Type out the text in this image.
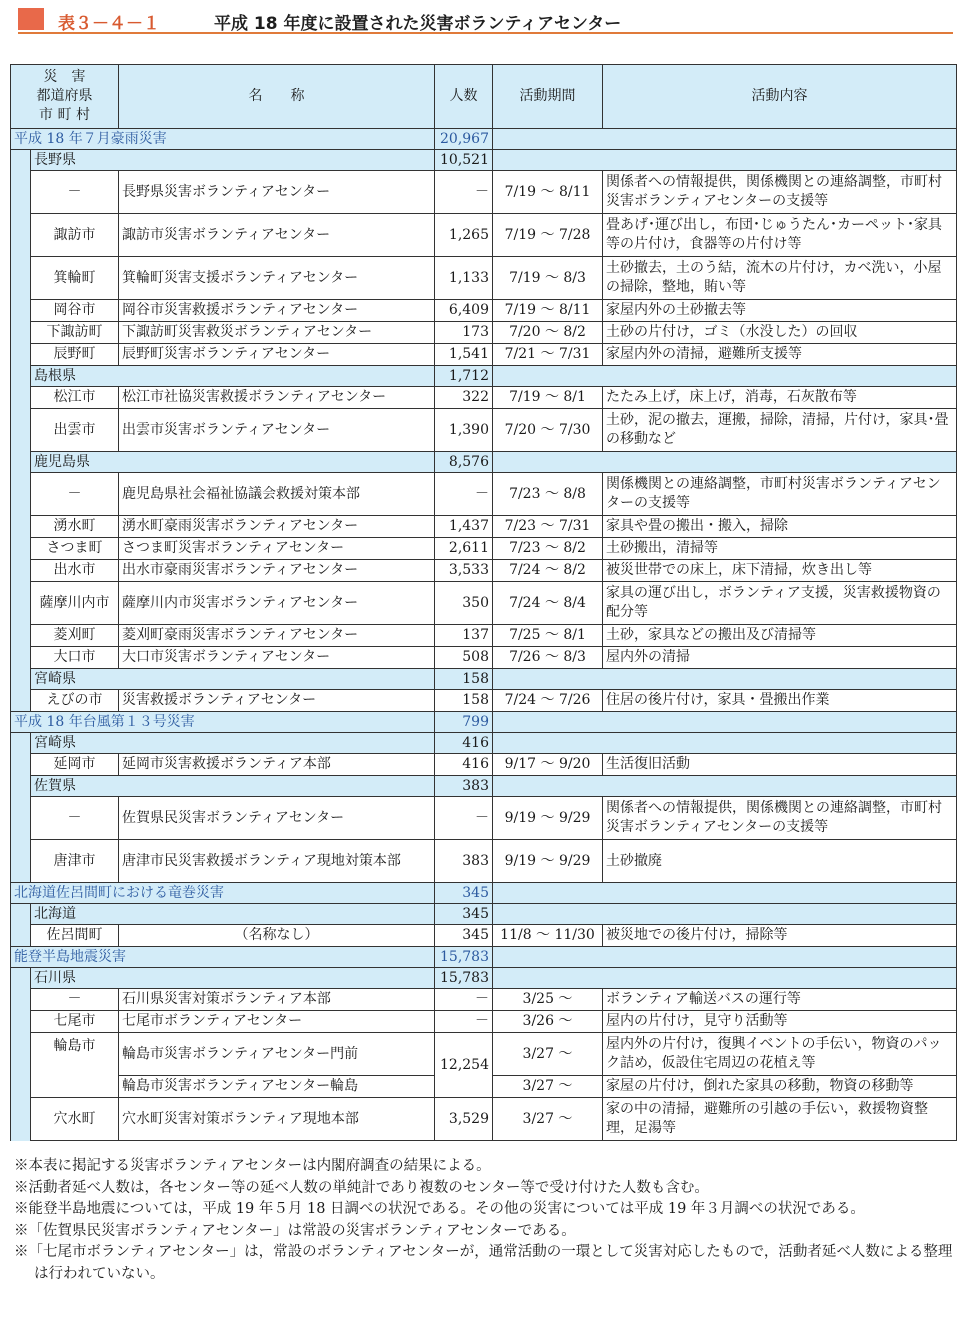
表３－４－１	平成 18 年度に設置された災害ボランティアセンター
災　害
都道府県
市 町 村		名　　称	人数	活動期間	活動内容
平成 18 年７月豪雨災害			20,967		
	長野県		10,521		
	－	長野県災害ボランティアセンター	－	7/19 ～ 8/11	関係者への情報提供，関係機関との連絡調整，市町村災害ボランティアセンターの支援等
	諏訪市	諏訪市災害ボランティアセンター	1,265	7/19 ～ 7/28	畳あげ･運び出し，布団･じゅうたん･カーペット･家具等の片付け，食器等の片付け等
	箕輪町	箕輪町災害支援ボランティアセンター	1,133	7/19 ～ 8/3	土砂撤去，土のう結，流木の片付け，カベ洗い，小屋の掃除，整地，賄い等
	岡谷市	岡谷市災害救援ボランティアセンター	6,409	7/19 ～ 8/11	家屋内外の土砂撤去等
	下諏訪町	下諏訪町災害救災ボランティアセンター	173	7/20 ～ 8/2	土砂の片付け，ゴミ（水没した）の回収
	辰野町	辰野町災害ボランティアセンター	1,541	7/21 ～ 7/31	家屋内外の清掃，避難所支援等
	島根県		1,712		
	松江市	松江市社協災害救援ボランティアセンター	322	7/19 ～ 8/1	たたみ上げ，床上げ，消毒，石灰散布等
	出雲市	出雲市災害ボランティアセンター	1,390	7/20 ～ 7/30	土砂，泥の撤去，運搬，掃除，清掃，片付け，家具･畳の移動など
	鹿児島県		8,576		
	－	鹿児島県社会福祉協議会救援対策本部	－	7/23 ～ 8/8	関係機関との連絡調整，市町村災害ボランティアセンターの支援等
	湧水町	湧水町豪雨災害ボランティアセンター	1,437	7/23 ～ 7/31	家具や畳の搬出・搬入，掃除
	さつま町	さつま町災害ボランティアセンター	2,611	7/23 ～ 8/2	土砂搬出，清掃等
	出水市	出水市豪雨災害ボランティアセンター	3,533	7/24 ～ 8/2	被災世帯での床上，床下清掃，炊き出し等
	薩摩川内市	薩摩川内市災害ボランティアセンター	350	7/24 ～ 8/4	家具の運び出し，ボランティア支援，災害救援物資の配分等
	菱刈町	菱刈町豪雨災害ボランティアセンター	137	7/25 ～ 8/1	土砂，家具などの搬出及び清掃等
	大口市	大口市災害ボランティアセンター	508	7/26 ～ 8/3	屋内外の清掃
	宮崎県		158		
	えびの市	災害救援ボランティアセンター	158	7/24 ～ 7/26	住居の後片付け，家具・畳搬出作業
平成 18 年台風第１３号災害			799		
	宮崎県		416		
	延岡市	延岡市災害救援ボランティア本部	416	9/17 ～ 9/20	生活復旧活動
	佐賀県		383		
	－	佐賀県民災害ボランティアセンター	－	9/19 ～ 9/29	関係者への情報提供，関係機関との連絡調整，市町村災害ボランティアセンターの支援等
	唐津市	唐津市民災害救援ボランティア現地対策本部	383	9/19 ～ 9/29	土砂撤廃
北海道佐呂間町における竜巻災害			345		
	北海道		345		
	佐呂間町	（名称なし）	345	11/8 ～ 11/30	被災地での後片付け，掃除等
能登半島地震災害			15,783		
	石川県		15,783		
	－	石川県災害対策ボランティア本部	－	3/25 ～	ボランティア輸送バスの運行等
	七尾市	七尾市ボランティアセンター	－	3/26 ～	屋内の片付け，見守り活動等
	輪島市	輪島市災害ボランティアセンター門前	12,254	3/27 ～	屋内外の片付け，復興イベントの手伝い，物資のパック詰め，仮設住宅周辺の花植え等
		輪島市災害ボランティアセンター輪島		3/27 ～	家屋の片付け，倒れた家具の移動，物資の移動等
	穴水町	穴水町災害対策ボランティア現地本部	3,529	3/27 ～	家の中の清掃，避難所の引越の手伝い，救援物資整理，足湯等

※本表に掲記する災害ボランティアセンターは内閣府調査の結果による。

※活動者延べ人数は，各センター等の延べ人数の単純計であり複数のセンター等で受け付けた人数も含む。

※能登半島地震については，平成 19 年５月 18 日調べの状況である。その他の災害については平成 19 年３月調べの状況である。

※「佐賀県民災害ボランティアセンター」は常設の災害ボランティアセンターである。

※「七尾市ボランティアセンター」は，常設のボランティアセンターが，通常活動の一環として災害対応したもので，活動者延べ人数による整理は行われていない。
